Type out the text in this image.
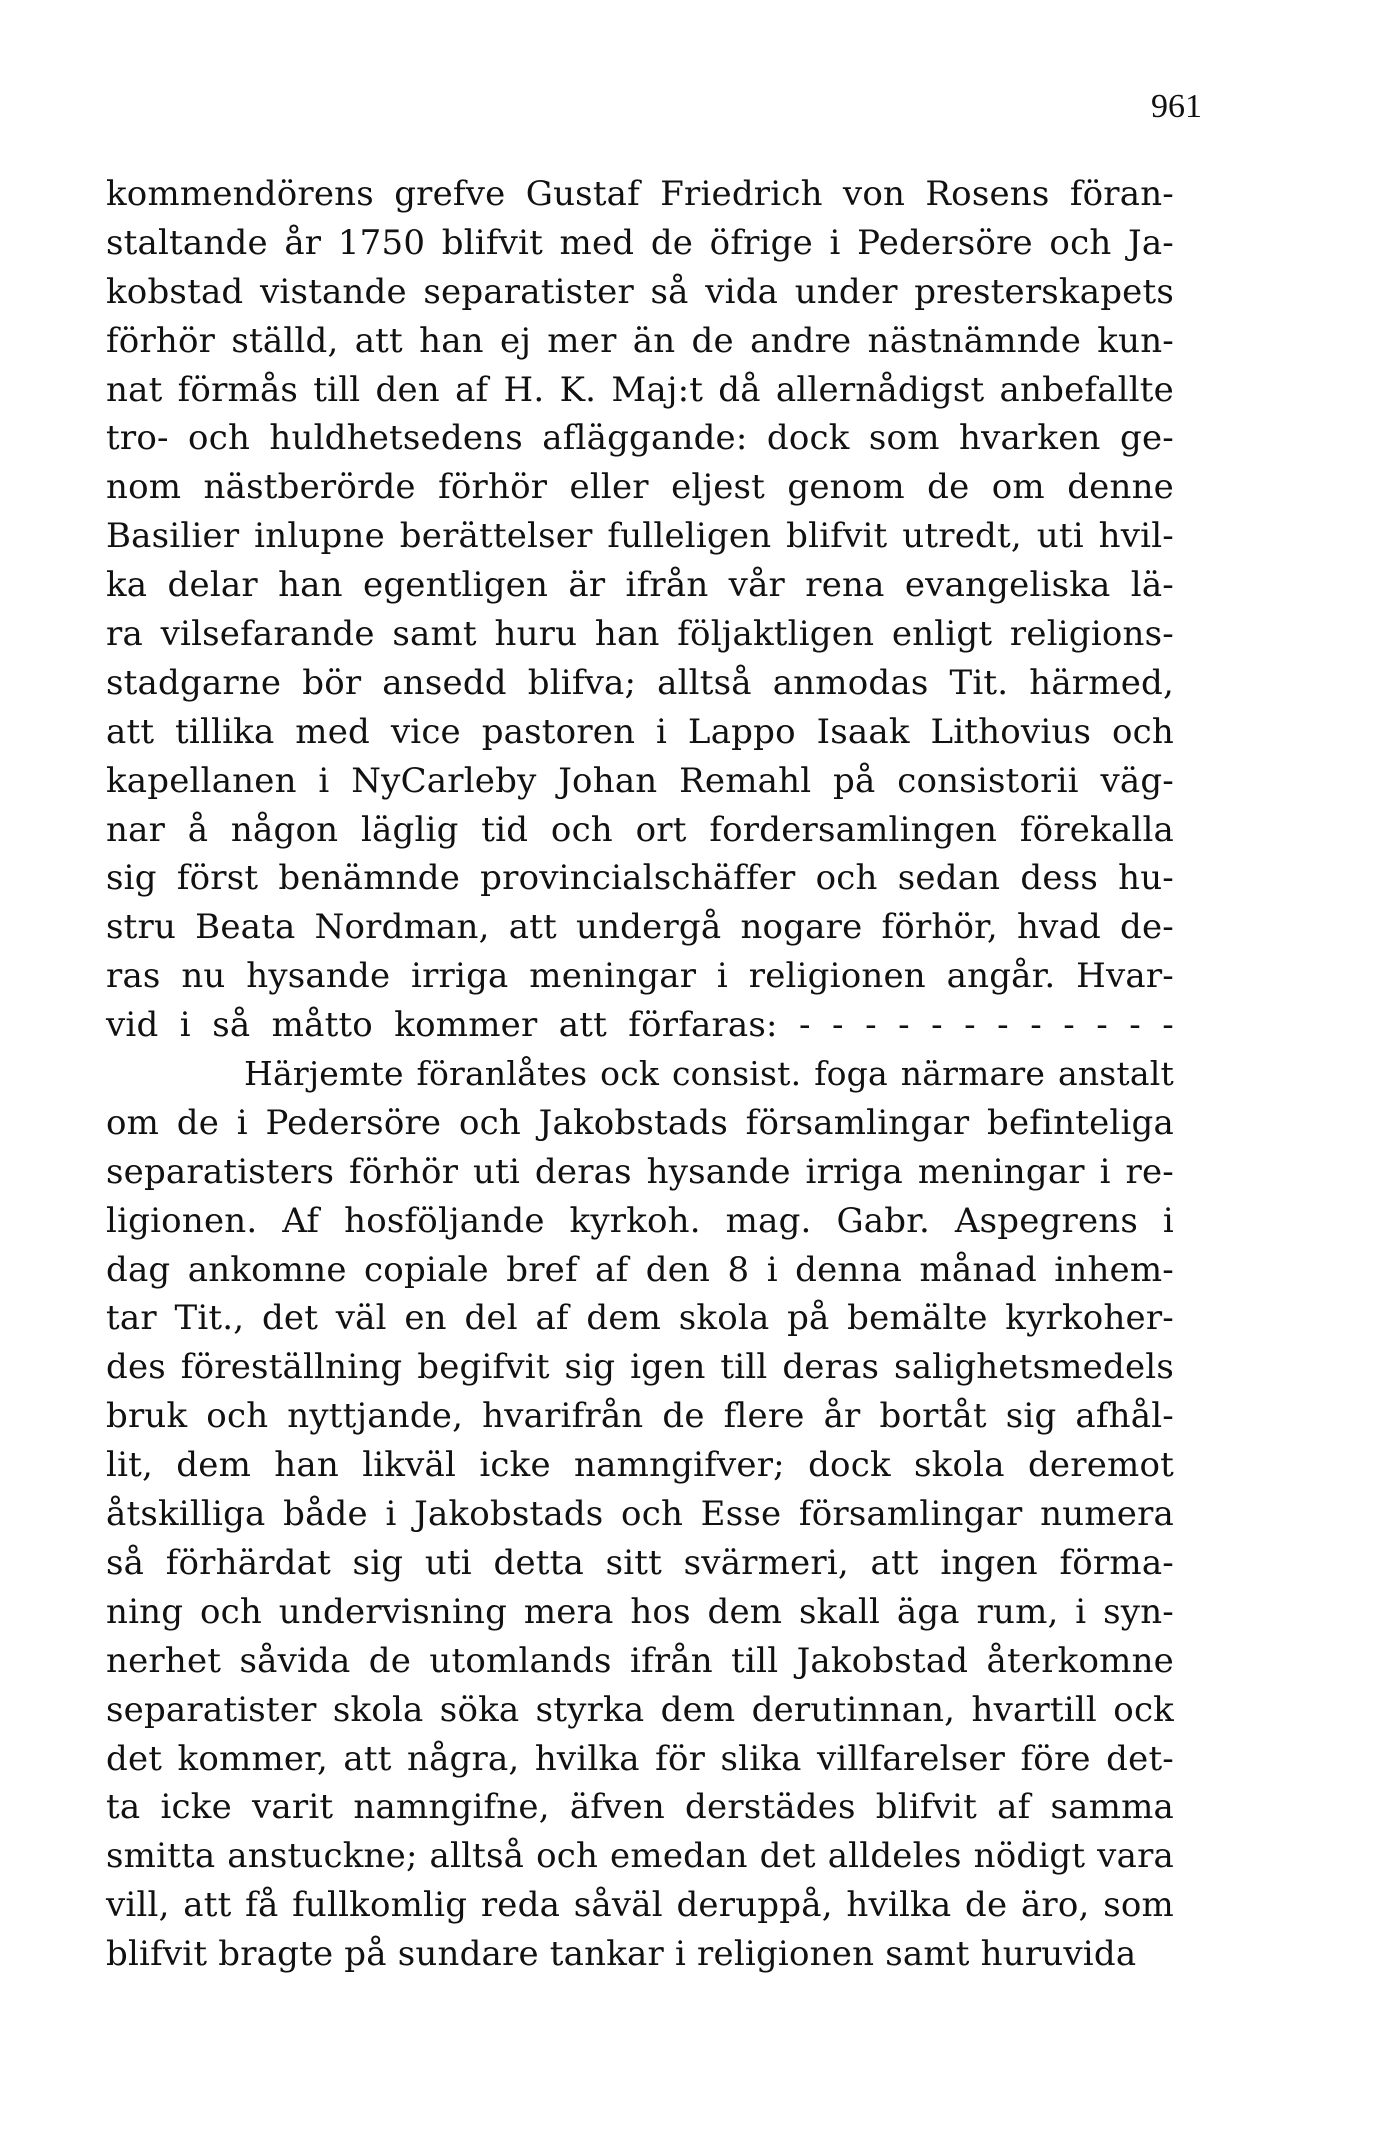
961
kommendörens grefve Gustaf Friedrich von Rosens föran-
staltande år 1750 blifvit med de öfrige i Pedersöre och Ja-
kobstad vistande separatister så vida under presterskapets
förhör ställd, att han ej mer än de andre nästnämnde kun-
nat förmås till den af H. K. Maj:t då allernådigst anbefallte
tro- och huldhetsedens afläggande: dock som hvarken ge-
nom nästberörde förhör eller eljest genom de om denne
Basilier inlupne berättelser fulleligen blifvit utredt, uti hvil-
ka delar han egentligen är ifrån vår rena evangeliska lä-
ra vilsefarande samt huru han följaktligen enligt religions-
stadgarne bör ansedd blifva; alltså anmodas Tit. härmed,
att tillika med vice pastoren i Lappo Isaak Lithovius och
kapellanen i NyCarleby Johan Remahl på consistorii väg-
nar å någon läglig tid och ort fordersamlingen förekalla
sig först benämnde provincialschäffer och sedan dess hu-
stru Beata Nordman, att undergå nogare förhör, hvad de-
ras nu hysande irriga meningar i religionen angår. Hvar-
vid i så måtto kommer att förfaras: - - - - - - - - - - - -
Härjemte föranlåtes ock consist. foga närmare anstalt
om de i Pedersöre och Jakobstads församlingar befinteliga
separatisters förhör uti deras hysande irriga meningar i re-
ligionen. Af hosföljande kyrkoh. mag. Gabr. Aspegrens i
dag ankomne copiale bref af den 8 i denna månad inhem-
tar Tit., det väl en del af dem skola på bemälte kyrkoher-
des föreställning begifvit sig igen till deras salighetsmedels
bruk och nyttjande, hvarifrån de flere år bortåt sig afhål-
lit, dem han likväl icke namngifver; dock skola deremot
åtskilliga både i Jakobstads och Esse församlingar numera
så förhärdat sig uti detta sitt svärmeri, att ingen förma-
ning och undervisning mera hos dem skall äga rum, i syn-
nerhet såvida de utomlands ifrån till Jakobstad återkomne
separatister skola söka styrka dem derutinnan, hvartill ock
det kommer, att några, hvilka för slika villfarelser före det-
ta icke varit namngifne, äfven derstädes blifvit af samma
smitta anstuckne; alltså och emedan det alldeles nödigt vara
vill, att få fullkomlig reda såväl deruppå, hvilka de äro, som
blifvit bragte på sundare tankar i religionen samt huruvida
